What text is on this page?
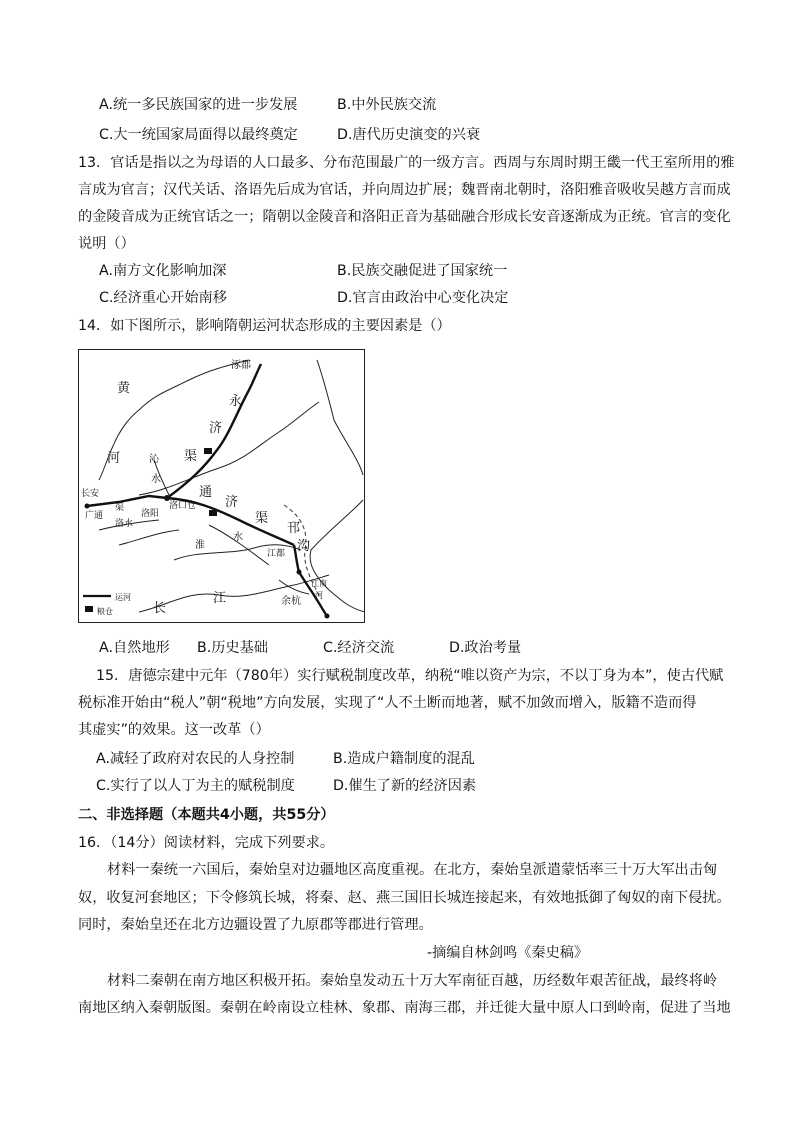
A.统一多民族国家的进一步发展	B.中外民族交流
C.大一统国家局面得以最终奠定	D.唐代历史演变的兴衰
13．官话是指以之为母语的人口最多、分布范围最广的一级方言。西周与东周时期王畿一代王室所用的雅
言成为官言；汉代关话、洛语先后成为官话，并向周边扩展；魏晋南北朝时，洛阳雅音吸收吴越方言而成
的金陵音成为正统官话之一；隋朝以金陵音和洛阳正音为基础融合形成长安音逐渐成为正统。官言的变化
说明（）
A.南方文化影响加深	B.民族交融促进了国家统一
C.经济重心开始南移	D.官言由政治中心变化决定
14．如下图所示，影响隋朝运河状态形成的主要因素是（）
涿郡
黄
河
永
济
渠
沁
水
长安
广通
渠
洛水
洛阳
洛口仓
通
济
渠
淮
水
邗
沟
江都
江南
河
长
江	余杭
运河
粮仓
A.自然地形 B.历史基础	C.经济交流	D.政治考量
15．唐德宗建中元年（780年）实行赋税制度改革，纳税“唯以资产为宗，不以丁身为本”，使古代赋
税标准开始由“税人”朝“税地”方向发展，实现了“人不土断而地著，赋不加敛而增入，版籍不造而得
其虚实”的效果。这一改革（）
A.减轻了政府对农民的人身控制	B.造成户籍制度的混乱
C.实行了以人丁为主的赋税制度	D.催生了新的经济因素
二、非选择题（本题共4小题，共55分）
16．（14分）阅读材料，完成下列要求。
材料一秦统一六国后，秦始皇对边疆地区高度重视。在北方，秦始皇派遣蒙恬率三十万大军出击匈
奴，收复河套地区；下令修筑长城，将秦、赵、燕三国旧长城连接起来，有效地抵御了匈奴的南下侵扰。
同时，秦始皇还在北方边疆设置了九原郡等郡进行管理。
-摘编自林剑鸣《秦史稿》
材料二秦朝在南方地区积极开拓。秦始皇发动五十万大军南征百越，历经数年艰苦征战，最终将岭
南地区纳入秦朝版图。秦朝在岭南设立桂林、象郡、南海三郡，并迁徙大量中原人口到岭南，促进了当地
